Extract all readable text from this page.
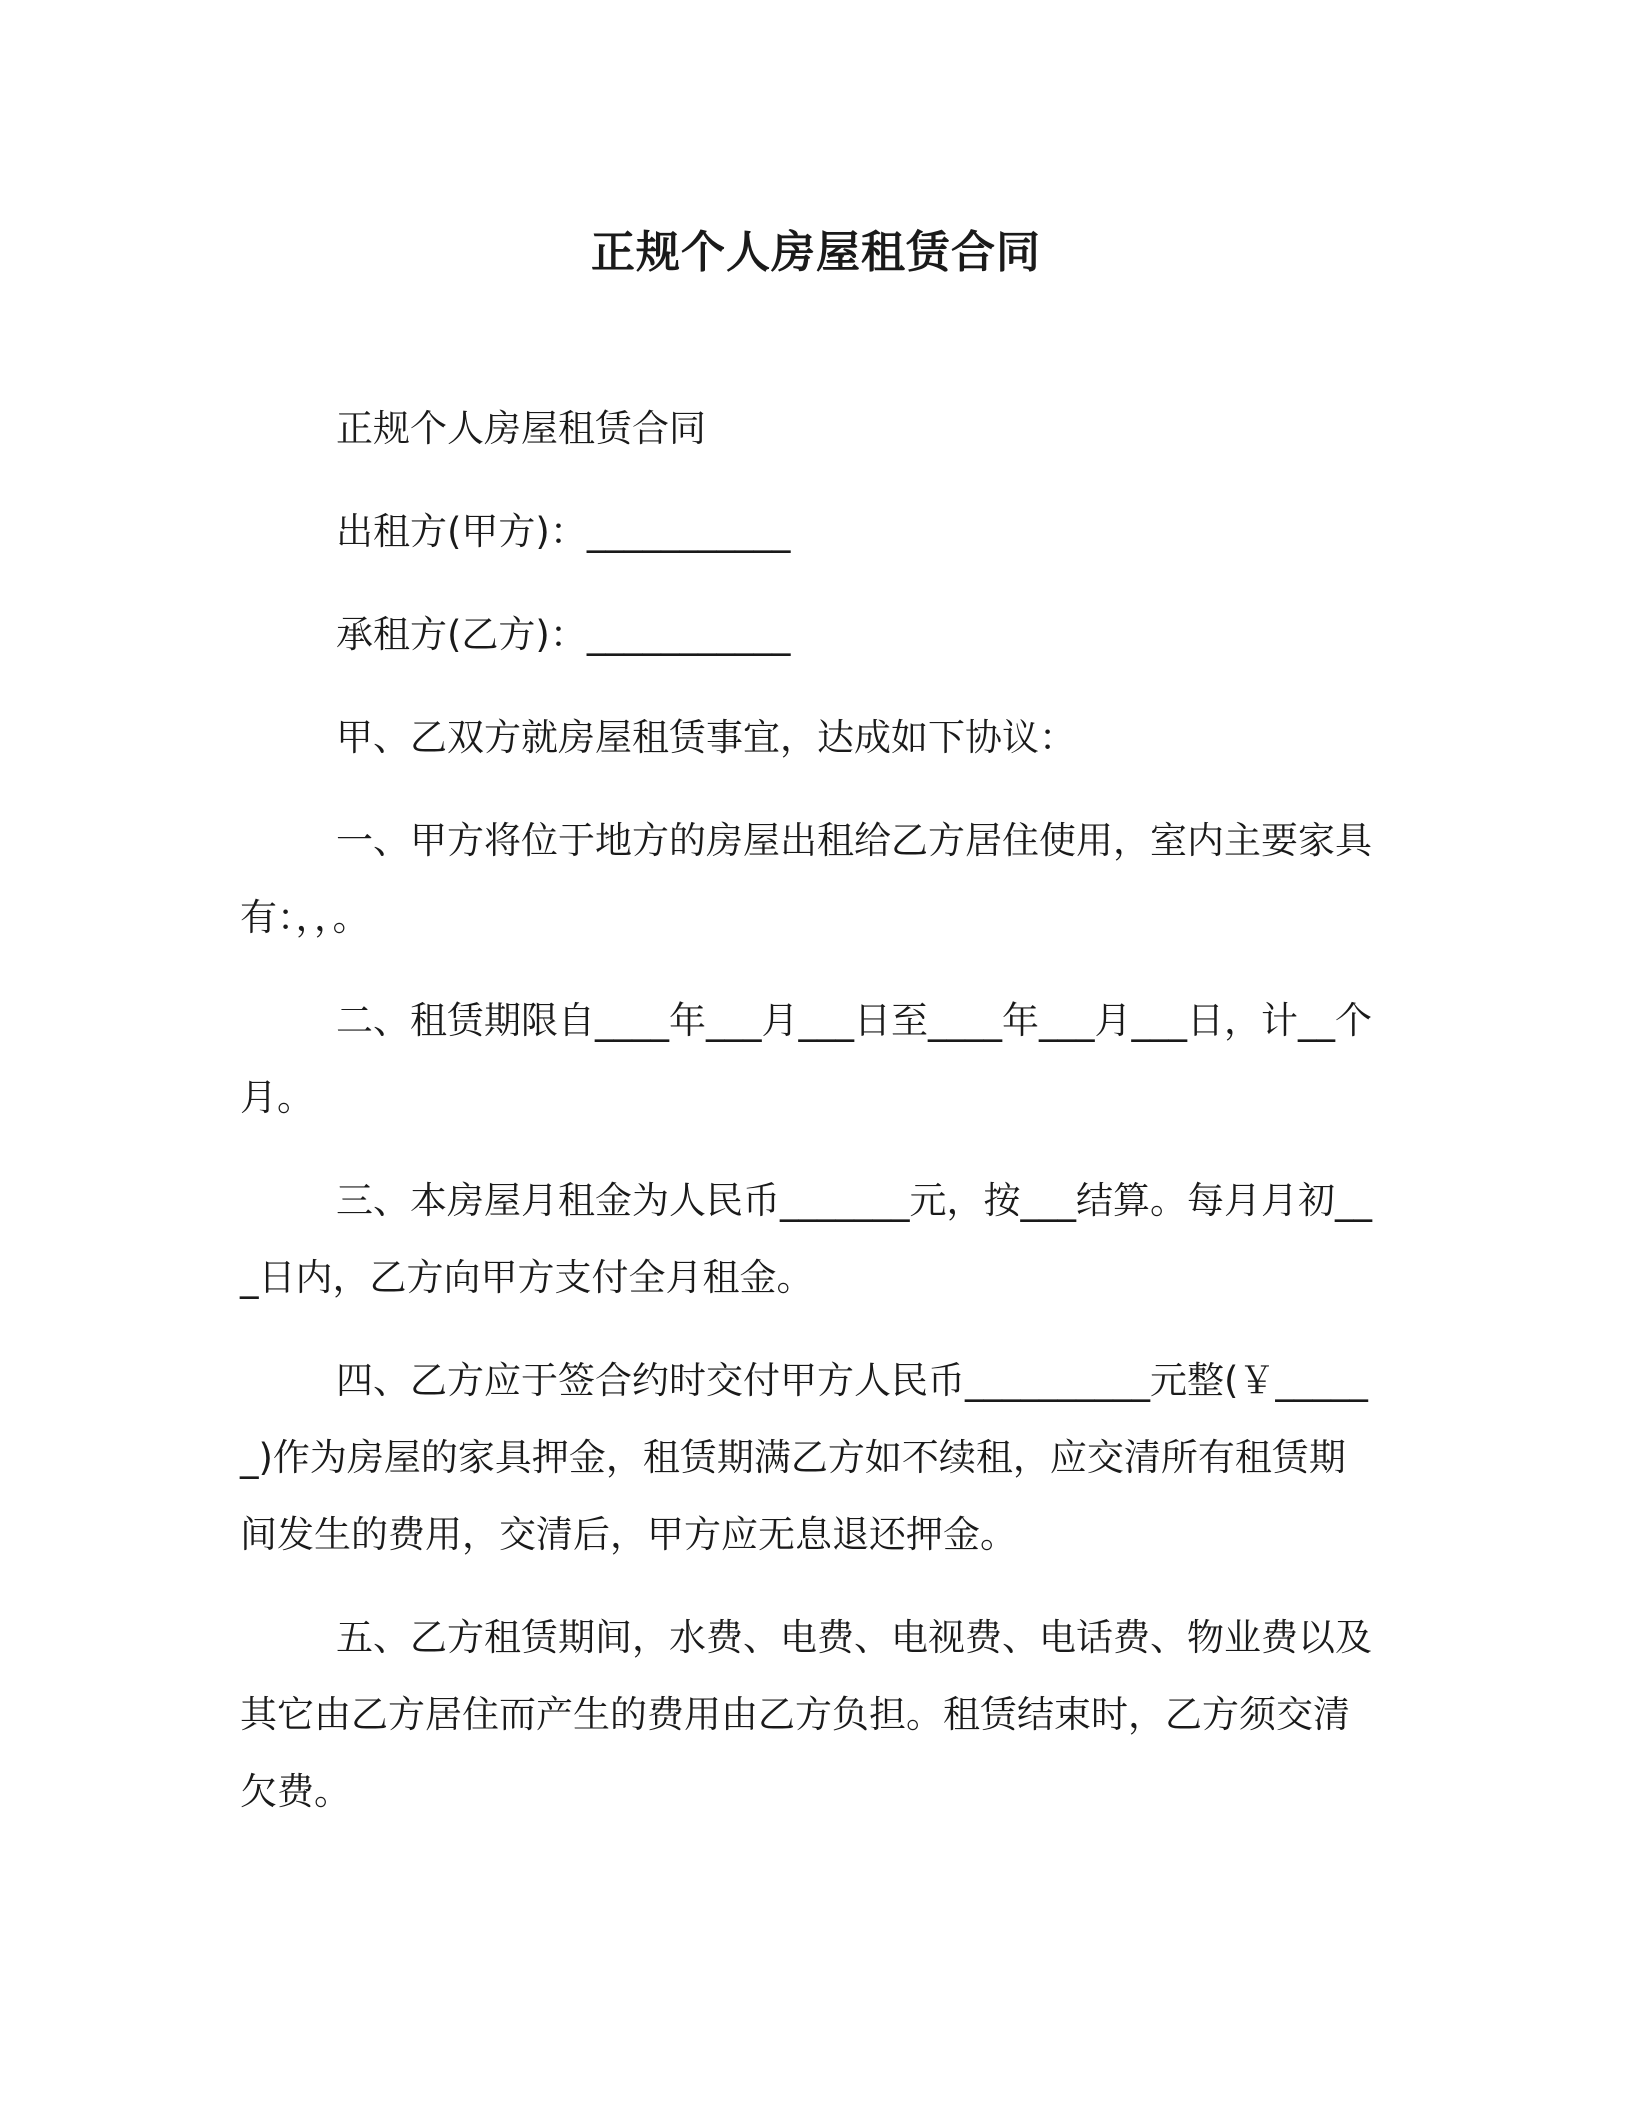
正规个人房屋租赁合同

正规个人房屋租赁合同

出租方(甲方)：___________

承租方(乙方)：___________

甲、乙双方就房屋租赁事宜，达成如下协议：

一、甲方将位于地方的房屋出租给乙方居住使用，室内主要家具有：，，。

二、租赁期限自____年___月___日至____年___月___日，计__个月。

三、本房屋月租金为人民币_______元，按___结算。每月月初___日内，乙方向甲方支付全月租金。

四、乙方应于签合约时交付甲方人民币__________元整(￥______)作为房屋的家具押金，租赁期满乙方如不续租，应交清所有租赁期间发生的费用，交清后，甲方应无息退还押金。

五、乙方租赁期间，水费、电费、电视费、电话费、物业费以及其它由乙方居住而产生的费用由乙方负担。租赁结束时，乙方须交清欠费。
